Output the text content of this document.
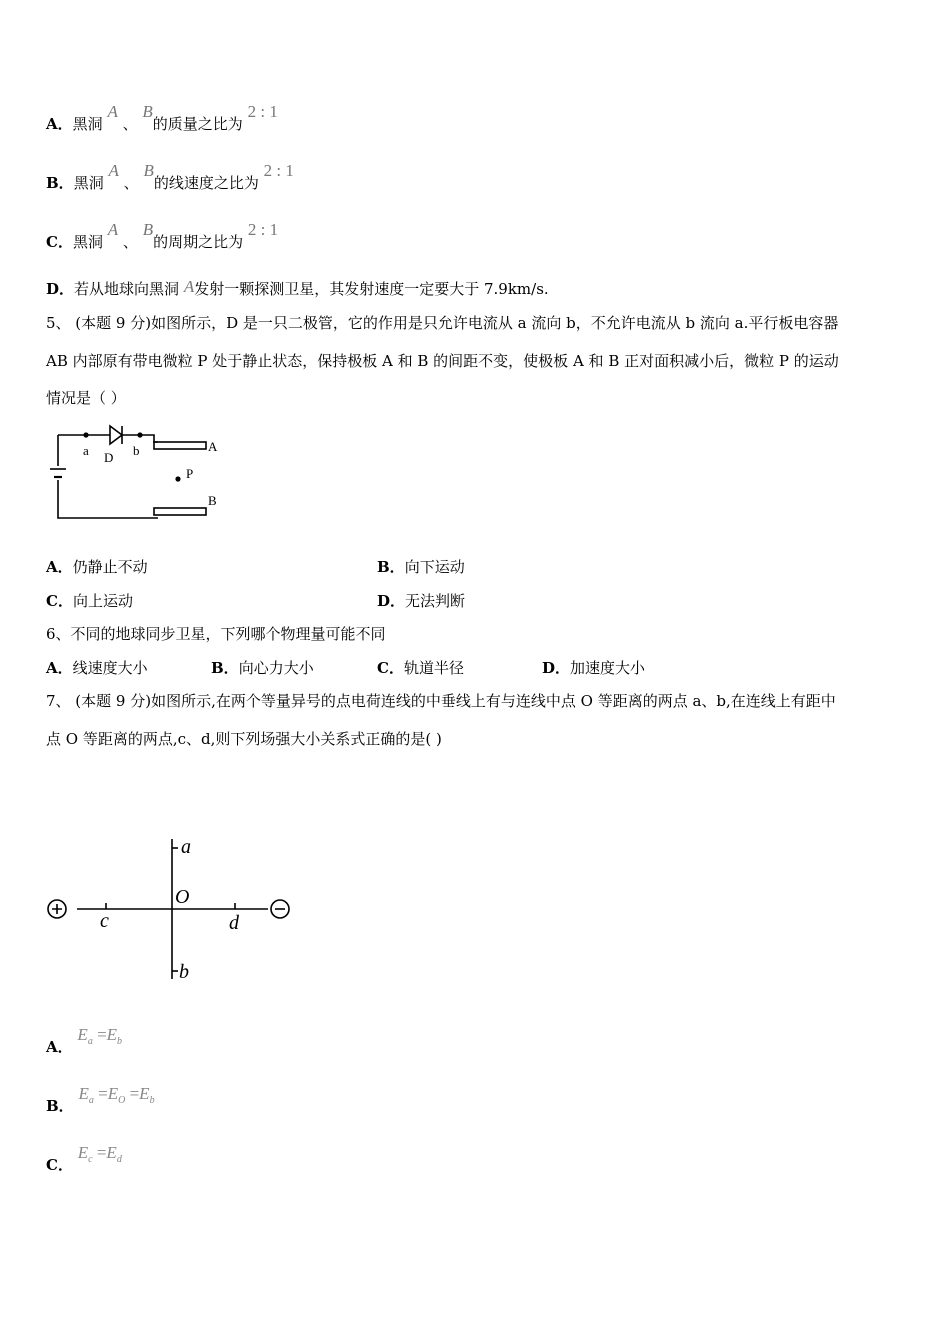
A．黑洞 A 、 B的质量之比为 2 : 1
B．黑洞 A 、 B的线速度之比为 2 : 1
C．黑洞 A 、 B的周期之比为 2 : 1
D．若从地球向黑洞 A发射一颗探测卫星，其发射速度一定要大于 7.9km/s.
5、 (本题 9 分)如图所示，D 是一只二极管，它的作用是只允许电流从 a 流向 b，不允许电流从 b 流向 a.平行板电容器
AB 内部原有带电微粒 P 处于静止状态，保持极板 A 和 B 的间距不变，使极板 A 和 B 正对面积减小后，微粒 P 的运动
情况是（ ）
a D b	A
P
B
A．仍静止不动	B．向下运动
C．向上运动	D．无法判断
6、不同的地球同步卫星，下列哪个物理量可能不同
A．线速度大小	B．向心力大小	C．轨道半径	D．加速度大小
7、 (本题 9 分)如图所示,在两个等量异号的点电荷连线的中垂线上有与连线中点 O 等距离的两点 a、b,在连线上有距中
点 O 等距离的两点,c、d,则下列场强大小关系式正确的是( )
a
O
c	d
b
A． $E_a =E_b$
B． $E_a =E_O =E_b$
C． $E_c =E_d$
